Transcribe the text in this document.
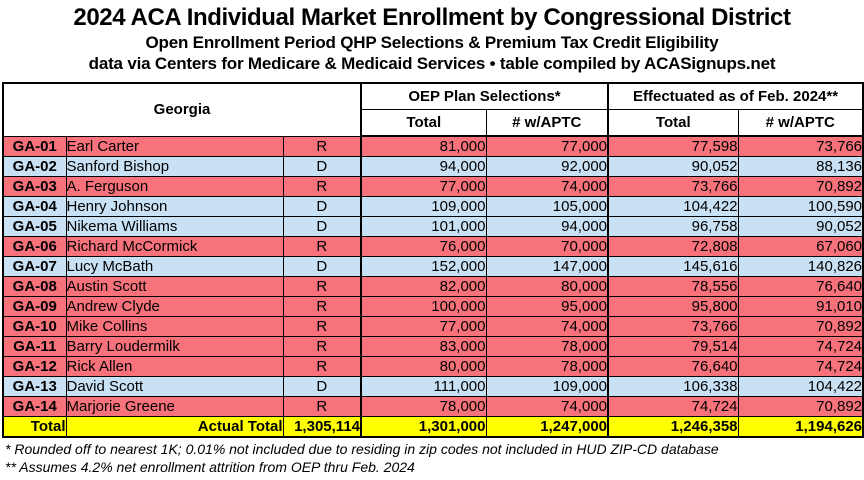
2024 ACA Individual Market Enrollment by Congressional District
Open Enrollment Period QHP Selections & Premium Tax Credit Eligibility
data via Centers for Medicare & Medicaid Services • table compiled by ACASignups.net
Georgia			OEP Plan Selections*		Effectuated as of Feb. 2024**	
			Total	# w/APTC	Total	# w/APTC
GA-01	Earl Carter	R	81,000	77,000	77,598	73,766
GA-02	Sanford Bishop	D	94,000	92,000	90,052	88,136
GA-03	A. Ferguson	R	77,000	74,000	73,766	70,892
GA-04	Henry Johnson	D	109,000	105,000	104,422	100,590
GA-05	Nikema Williams	D	101,000	94,000	96,758	90,052
GA-06	Richard McCormick	R	76,000	70,000	72,808	67,060
GA-07	Lucy McBath	D	152,000	147,000	145,616	140,826
GA-08	Austin Scott	R	82,000	80,000	78,556	76,640
GA-09	Andrew Clyde	R	100,000	95,000	95,800	91,010
GA-10	Mike Collins	R	77,000	74,000	73,766	70,892
GA-11	Barry Loudermilk	R	83,000	78,000	79,514	74,724
GA-12	Rick Allen	R	80,000	78,000	76,640	74,724
GA-13	David Scott	D	111,000	109,000	106,338	104,422
GA-14	Marjorie Greene	R	78,000	74,000	74,724	70,892
Total	Actual Total	1,305,114	1,301,000	1,247,000	1,246,358	1,194,626
* Rounded off to nearest 1K; 0.01% not included due to residing in zip codes not included in HUD ZIP-CD database
** Assumes 4.2% net enrollment attrition from OEP thru Feb. 2024
